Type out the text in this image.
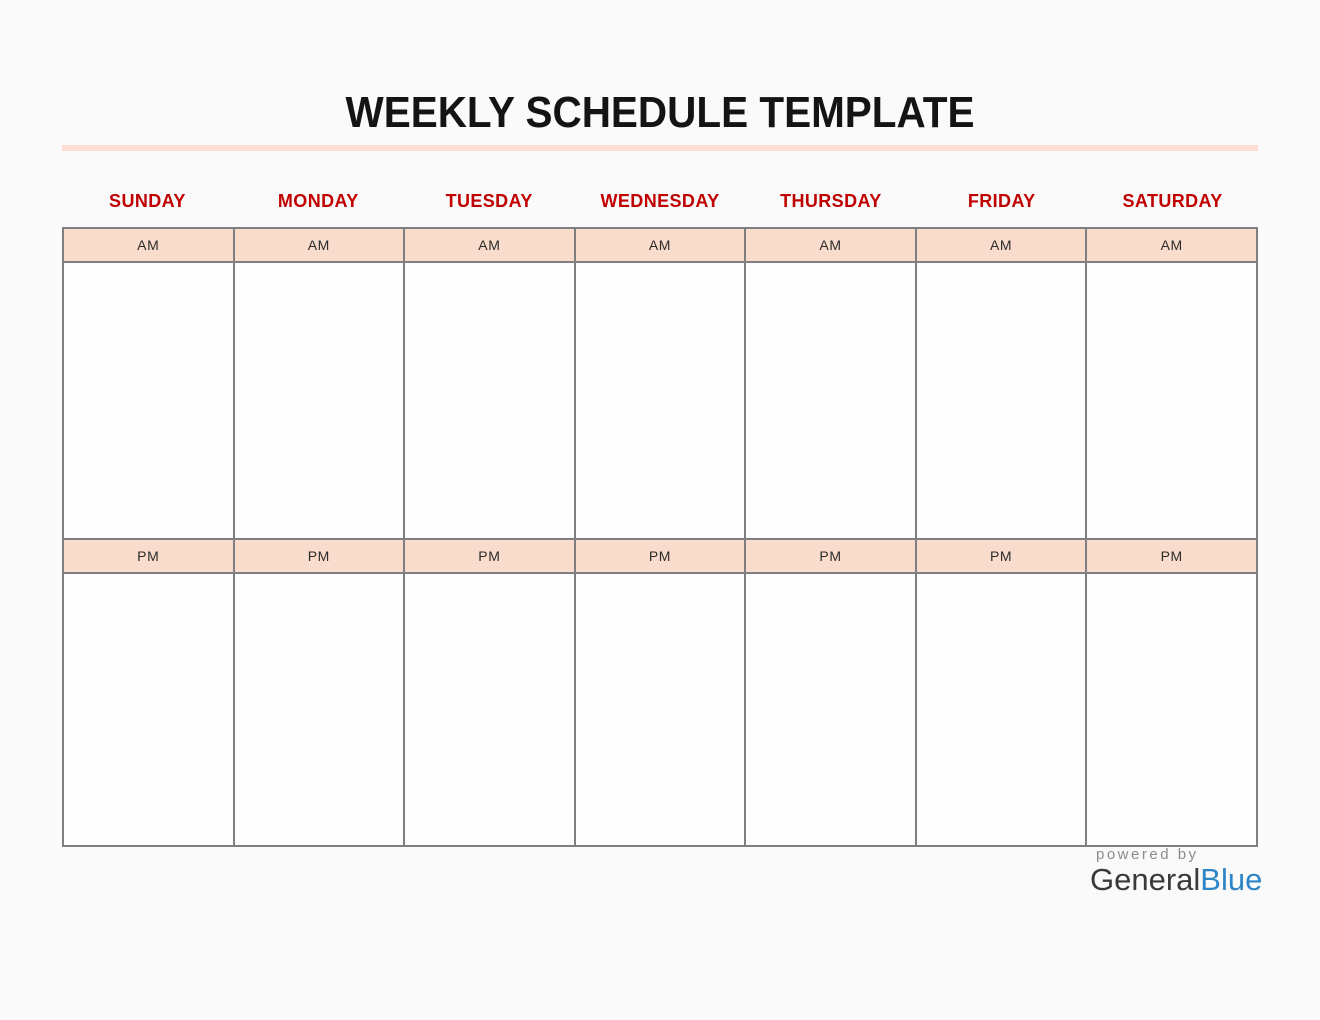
WEEKLY SCHEDULE TEMPLATE
SUNDAY	MONDAY	TUESDAY	WEDNESDAY	THURSDAY	FRIDAY	SATURDAY
AM	AM	AM	AM	AM	AM	AM

PM	PM	PM	PM	PM	PM	PM

powered by
GeneralBlue
